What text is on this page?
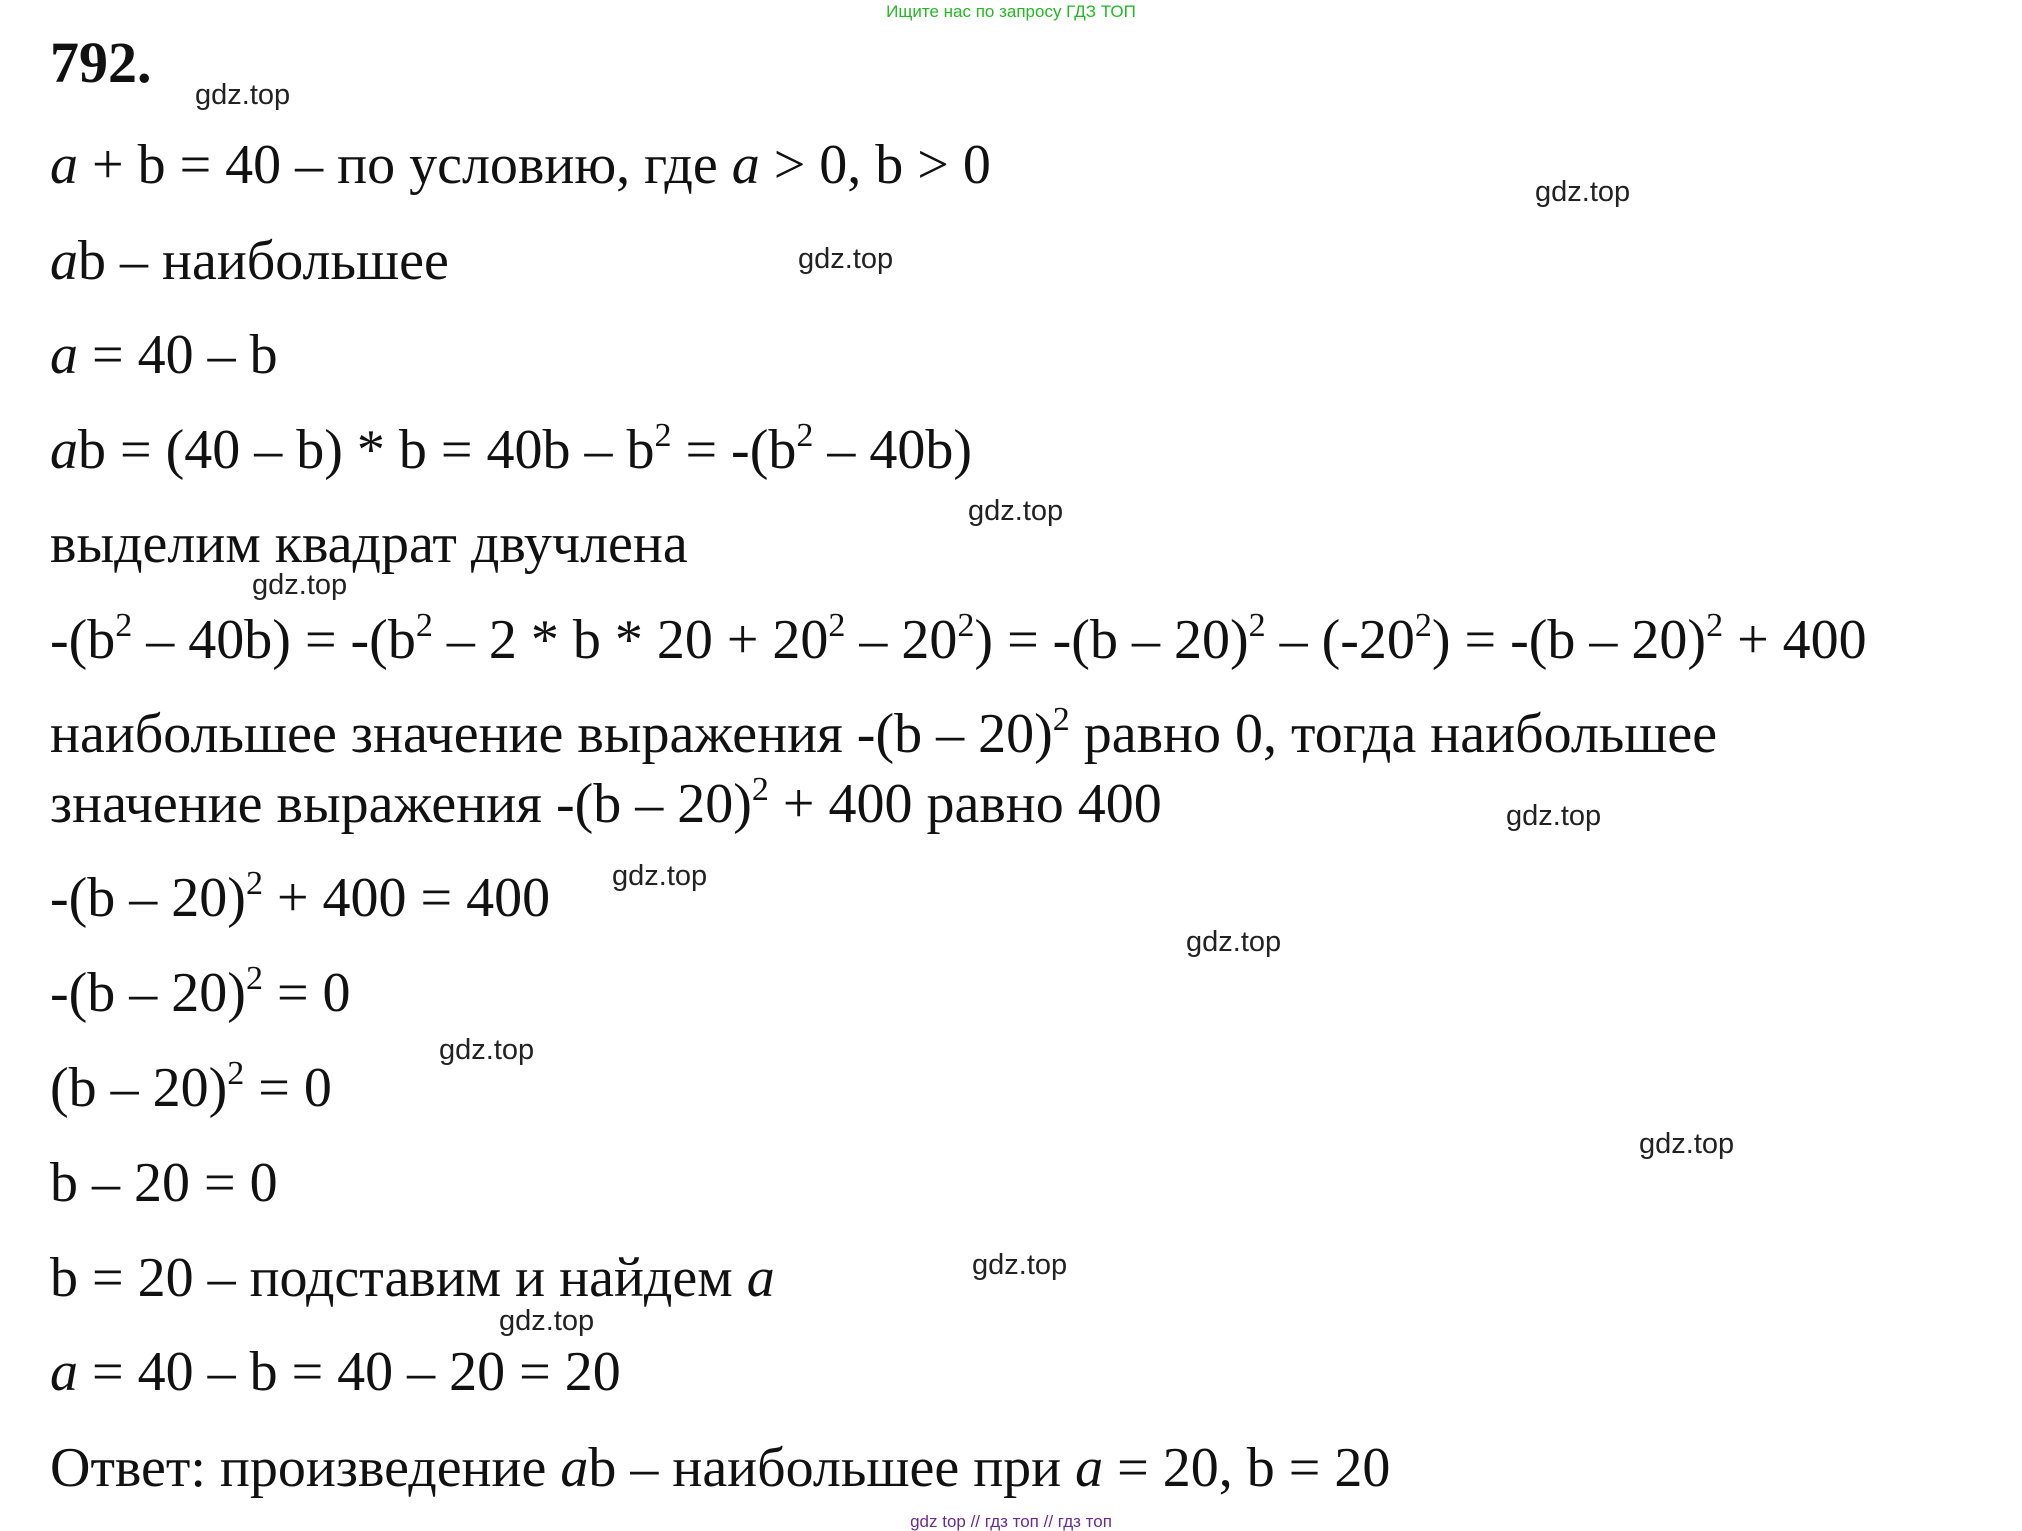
Ищите нас по запросу ГДЗ ТОП
792.
a + b = 40 – по условию, где a > 0, b > 0
ab – наибольшее
a = 40 – b
ab = $(40 - b) * b = 40b - b^2 = -(b^2 - 40b)$
выделим квадрат двучлена
$-(b^2 - 40b) = -(b^2 - 2 * b * 20 + 20^2 - 20^2) = -(b - 20)^2 - (-20^2) = -(b - 20)^2 + 400$
наибольшее значение выражения -(b – 20)$^2$ равно 0, тогда наибольшее
значение выражения -(b – 20)$^2$ + 400 равно 400
-(b – 20)$^2$ + 400 = 400
-(b – 20)$^2$ = 0
(b – 20)$^2$ = 0
b – 20 = 0
b = 20 – подставим и найдем a
a = 40 – b = 40 – 20 = 20
Ответ: произведение ab – наибольшее при a = 20, b = 20
gdz.top
gdz.top
gdz.top
gdz.top
gdz.top
gdz.top
gdz.top
gdz.top
gdz.top
gdz.top
gdz.top
gdz.top
gdz top // гдз топ // гдз топ
